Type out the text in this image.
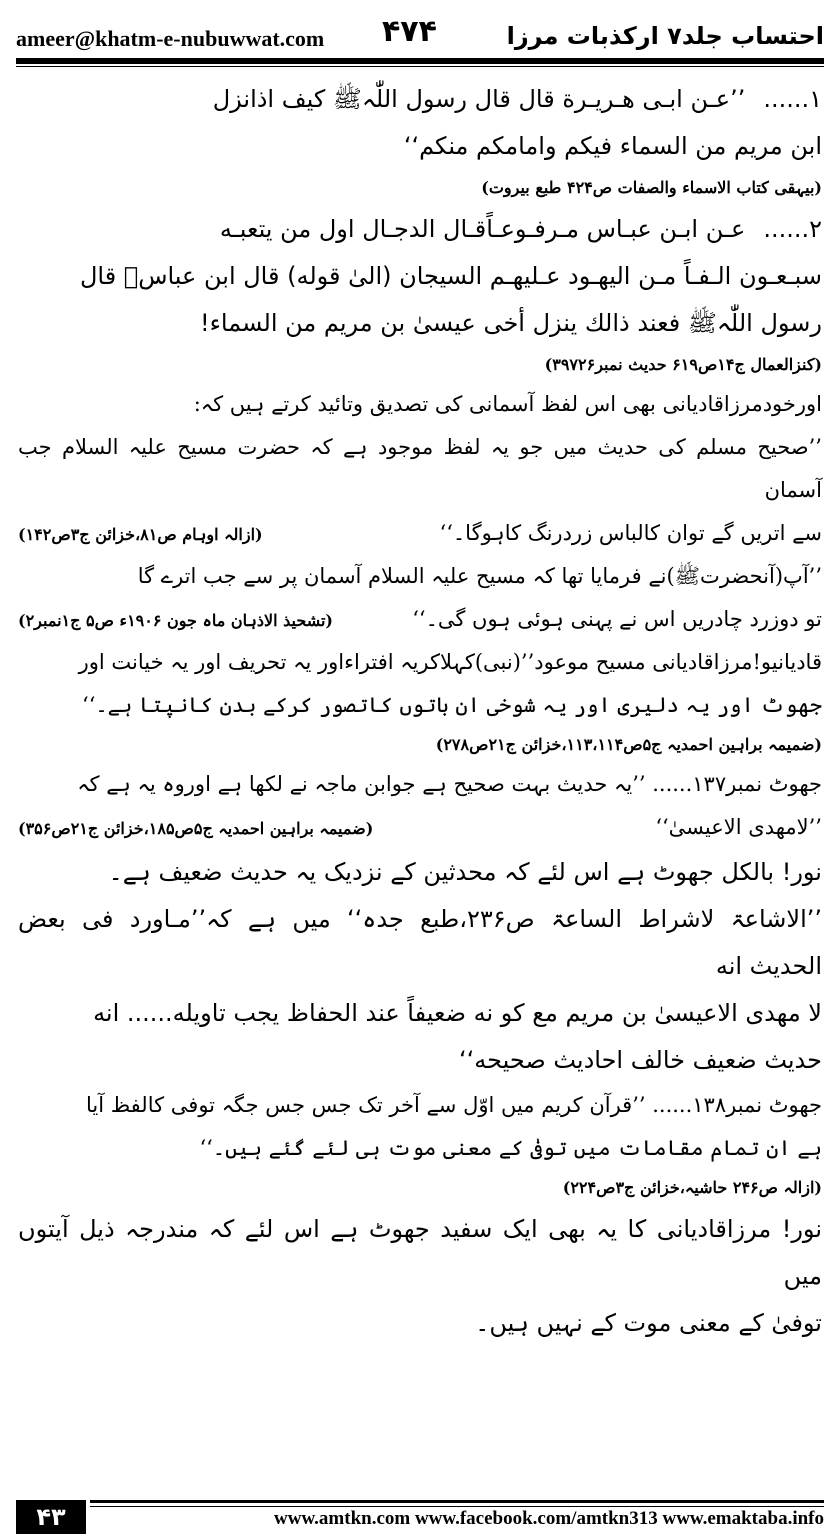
ameer@khatm-e-nubuwwat.com ۴۷۴	احتساب جلد۷ ارکذبات مرزا
۱......’’عـن ابـى هـريـرة قال قال رسول اللّٰہﷺ كيف اذانزل
ابن مريم من السماء فيكم وامامكم منكم‘‘
(بیہقی کتاب الاسماء والصفات ص۴۲۴ طبع بیروت)
۲......عـن ابـن عبـاس مـرفـوعـاًقـال الدجـال اول من يتعبـه
سبـعـون الـفـاً مـن اليهـود عـليهـم السيجان (الىٰ قوله) قال ابن عباسؓ قال
رسول اللّٰہﷺ فعند ذالك ينزل أخى عيسىٰ بن مريم من السماء!
(کنزالعمال ج۱۴ص۶۱۹ حدیث نمبر۳۹۷۲۶)
اورخودمرزاقادیانی بھی اس لفظ آسمانی کی تصدیق وتائید کرتے ہیں کہ:
’’صحیح مسلم کی حدیث میں جو یہ لفظ موجود ہے کہ حضرت مسیح علیہ السلام جب آسمان
سے اتریں گے توان کالباس زردرنگ کاہوگا۔‘‘
(ازالہ اوہام ص۸۱،خزائن ج۳ص۱۴۲)
’’آپ(آنحضرتﷺ)نے فرمایا تھا کہ مسیح علیہ السلام آسمان پر سے جب اترے گا
تو دوزرد چادریں اس نے پہنی ہوئی ہوں گی۔‘‘
(تشحیذ الاذہان ماہ جون ۱۹۰۶ء ص۵ ج۱نمبر۲)
قادیانیو!مرزاقادیانی مسیح موعود’’(نبی)کہلاکریہ افتراءاور یہ تحریف اور یہ خیانت اور
جھوٹ اور یہ دلیری اور یہ شوخی ان باتوں کاتصور کرکے بدن کانپتا ہے۔‘‘
(ضمیمہ براہین احمدیہ ج۵ص۱۱۳،۱۱۴،خزائن ج۲۱ص۲۷۸)
جھوٹ نمبر۱۳۷...... ’’یہ حدیث بہت صحیح ہے جوابن ماجہ نے لکھا ہے اوروہ یہ ہے کہ
’’لامهدى الاعيسىٰ‘‘
(ضمیمہ براہین احمدیہ ج۵ص۱۸۵،خزائن ج۲۱ص۳۵۶)
نور! بالکل جھوٹ ہے اس لئے کہ محدثین کے نزدیک یہ حدیث ضعیف ہے۔
’’الاشاعۃ لاشراط الساعۃ ص۲۳۶،طبع جدہ‘‘ میں ہے کہ’’مـاورد فى بعض الحديث انه
لا مهدى الاعيسىٰ بن مريم مع كو نه ضعيفاً عند الحفاظ يجب تاويله...... انه
حديث ضعيف خالف احاديث صحيحه‘‘
جھوٹ نمبر۱۳۸...... ’’قرآن کریم میں اوّل سے آخر تک جس جس جگہ توفی کالفظ آیا
ہے ان تمام مقامات میں توفیٰ کے معنی موت ہی لئے گئے ہیں۔‘‘
(ازالہ ص۲۴۶ حاشیہ،خزائن ج۳ص۲۲۴)
نور! مرزاقادیانی کا یہ بھی ایک سفید جھوٹ ہے اس لئے کہ مندرجہ ذیل آیتوں میں
توفیٰ کے معنی موت کے نہیں ہیں۔
۴۳	www.amtkn.com www.facebook.com/amtkn313 www.emaktaba.info
